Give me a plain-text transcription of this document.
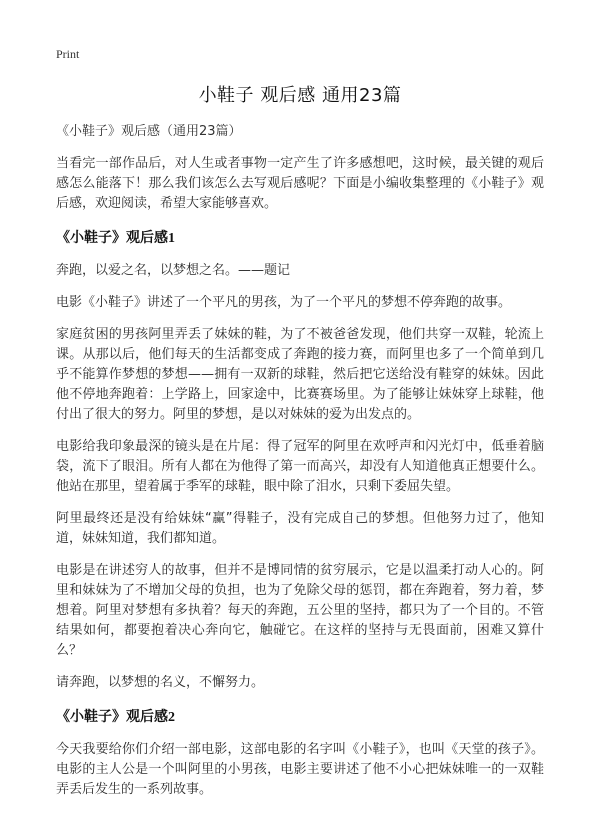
Print
小鞋子 观后感 通用23篇

《小鞋子》观后感（通用23篇）

当看完一部作品后，对人生或者事物一定产生了许多感想吧，这时候，最关键的观后感怎么能落下！那么我们该怎么去写观后感呢？下面是小编收集整理的《小鞋子》观后感，欢迎阅读，希望大家能够喜欢。

《小鞋子》观后感1

奔跑，以爱之名，以梦想之名。——题记

电影《小鞋子》讲述了一个平凡的男孩，为了一个平凡的梦想不停奔跑的故事。

家庭贫困的男孩阿里弄丢了妹妹的鞋，为了不被爸爸发现，他们共穿一双鞋，轮流上课。从那以后，他们每天的生活都变成了奔跑的接力赛，而阿里也多了一个简单到几乎不能算作梦想的梦想——拥有一双新的球鞋，然后把它送给没有鞋穿的妹妹。因此他不停地奔跑着：上学路上，回家途中，比赛赛场里。为了能够让妹妹穿上球鞋，他付出了很大的努力。阿里的梦想，是以对妹妹的爱为出发点的。

电影给我印象最深的镜头是在片尾：得了冠军的阿里在欢呼声和闪光灯中，低垂着脑袋，流下了眼泪。所有人都在为他得了第一而高兴，却没有人知道他真正想要什么。他站在那里，望着属于季军的球鞋，眼中除了泪水，只剩下委屈失望。

阿里最终还是没有给妹妹“赢”得鞋子，没有完成自己的梦想。但他努力过了，他知道，妹妹知道，我们都知道。

电影是在讲述穷人的故事，但并不是博同情的贫穷展示，它是以温柔打动人心的。阿里和妹妹为了不增加父母的负担，也为了免除父母的惩罚，都在奔跑着，努力着，梦想着。阿里对梦想有多执着？每天的奔跑，五公里的坚持，都只为了一个目的。不管结果如何，都要抱着决心奔向它，触碰它。在这样的坚持与无畏面前，困难又算什么？

请奔跑，以梦想的名义，不懈努力。

《小鞋子》观后感2

今天我要给你们介绍一部电影，这部电影的名字叫《小鞋子》，也叫《天堂的孩子》。电影的主人公是一个叫阿里的小男孩，电影主要讲述了他不小心把妹妹唯一的一双鞋弄丢后发生的一系列故事。
